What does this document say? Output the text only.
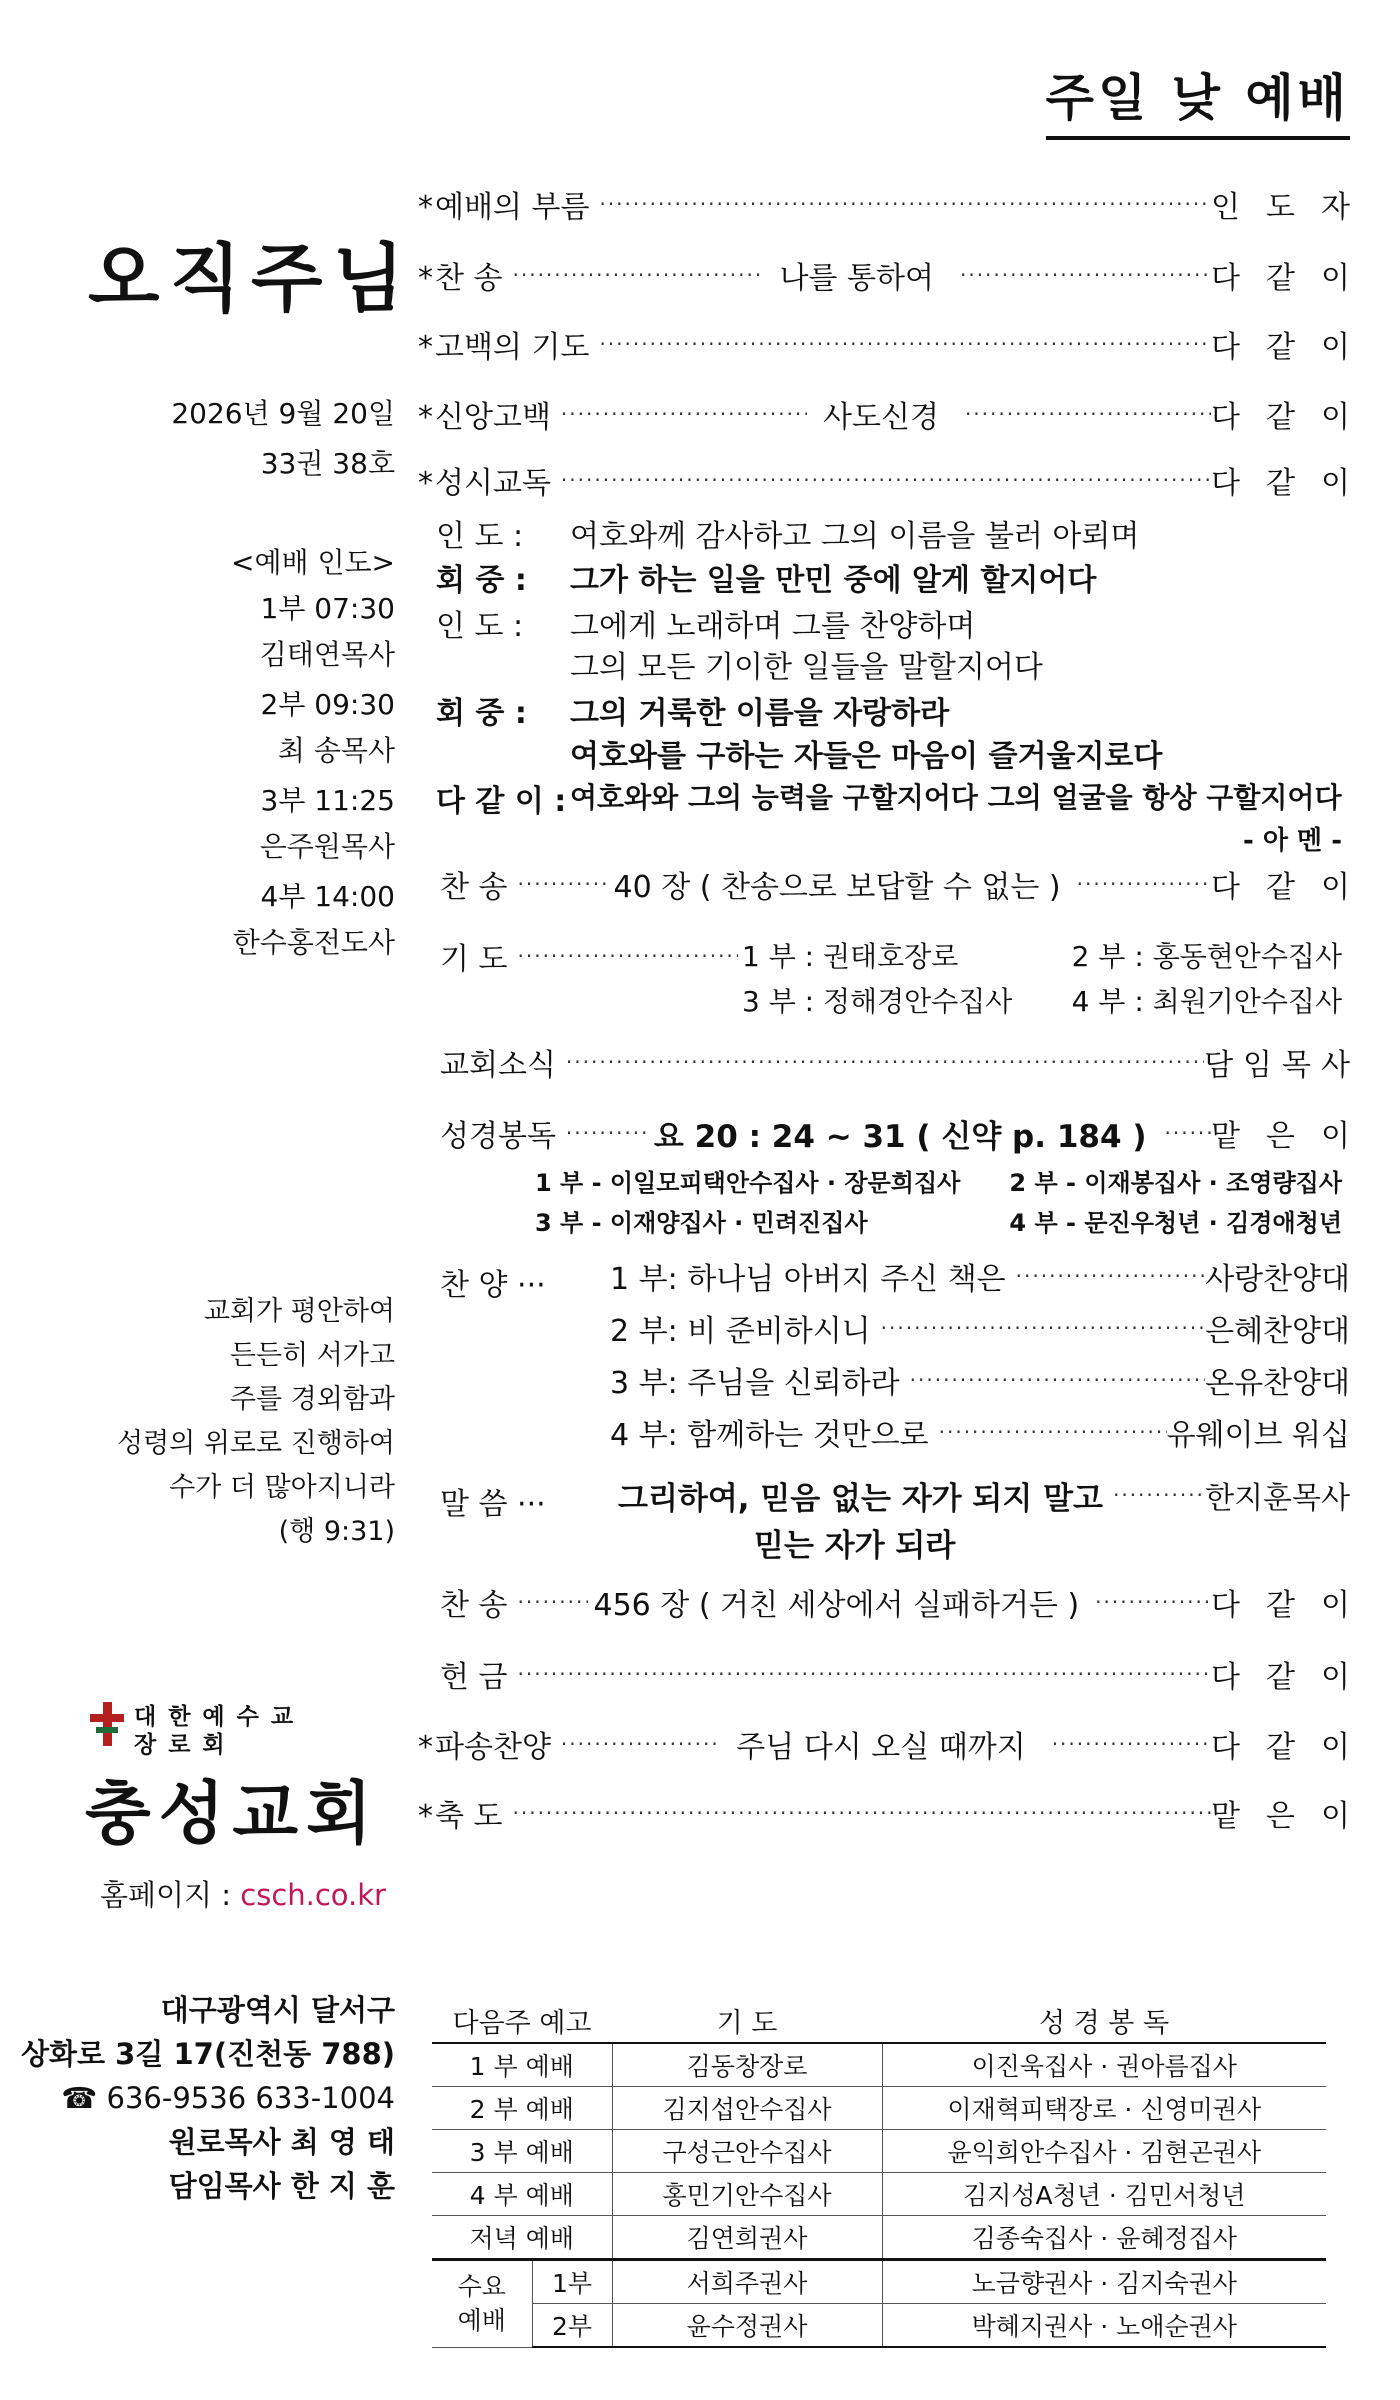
주일 낮 예배
오직주님
2026년 9월 20일
33권 38호
<예배 인도>
1부 07:30
김태연목사
2부 09:30
최 송목사
3부 11:25
은주원목사
4부 14:00
한수홍전도사
교회가 평안하여
든든히 서가고
주를 경외함과
성령의 위로로 진행하여
수가 더 많아지니라
(행 9:31)
대한예수교
장로회
충성교회
홈페이지 : csch.co.kr
대구광역시 달서구
상화로 3길 17(진천동 788)
☎ 636-9536 633-1004
원로목사 최 영 태
담임목사 한 지 훈
* 예배의 부름 ·····	인도자
* 찬 송 ·····	나를 통하여 ·····	다같이
* 고백의 기도 ·····	다같이
* 신앙고백 ·····	사도신경 ·····	다같이
* 성시교독 ·····	다같이
인 도 : 여호와께 감사하고 그의 이름을 불러 아뢰며
회 중 : 그가 하는 일을 만민 중에 알게 할지어다
인 도 : 그에게 노래하며 그를 찬양하며
그의 모든 기이한 일들을 말할지어다
회 중 : 그의 거룩한 이름을 자랑하라
여호와를 구하는 자들은 마음이 즐거울지로다
다 같 이 : 여호와와 그의 능력을 구할지어다 그의 얼굴을 항상 구할지어다
- 아 멘 -
찬 송 ·····	40 장 ( 찬송으로 보답할 수 없는 ) ·····	다같이
기 도 ·····	1 부 : 권태호장로	2 부 : 홍동현안수집사
3 부 : 정해경안수집사 4 부 : 최원기안수집사
교회소식 ·····	담임목사
성경봉독 ·····	요 20 : 24 ~ 31 ( 신약 p. 184 ) ····· 맡은이
1 부 - 이일모피택안수집사 · 장문희집사 2 부 - 이재봉집사 · 조영량집사
3 부 - 이재양집사 · 민려진집사	4 부 - 문진우청년 · 김경애청년
찬 양 ··· 1 부: 하나님 아버지 주신 책은 ·····	사랑찬양대
2 부: 비 준비하시니 ·····	은혜찬양대
3 부: 주님을 신뢰하라 ·····	온유찬양대
4 부: 함께하는 것만으로 ·····	유웨이브 워십
말 씀 ··· 그리하여, 믿음 없는 자가 되지 말고 ·····	한지훈목사
믿는 자가 되라
찬 송 ·····	456 장 ( 거친 세상에서 실패하거든 ) ·····	다같이
헌 금 ·····	다같이
* 파송찬양 ·····	주님 다시 오실 때까지 ·····	다같이
* 축 도 ·····	맡은이
다음주 예고		기 도	성 경 봉 독
1 부 예배		김동창장로	이진욱집사 · 권아름집사
2 부 예배		김지섭안수집사	이재혁피택장로 · 신영미권사
3 부 예배		구성근안수집사	윤익희안수집사 · 김현곤권사
4 부 예배		홍민기안수집사	김지성A청년 · 김민서청년
저녁 예배		김연희권사	김종숙집사 · 윤혜정집사
수요
예배	1부	서희주권사	노금향권사 · 김지숙권사
	2부	윤수정권사	박혜지권사 · 노애순권사
